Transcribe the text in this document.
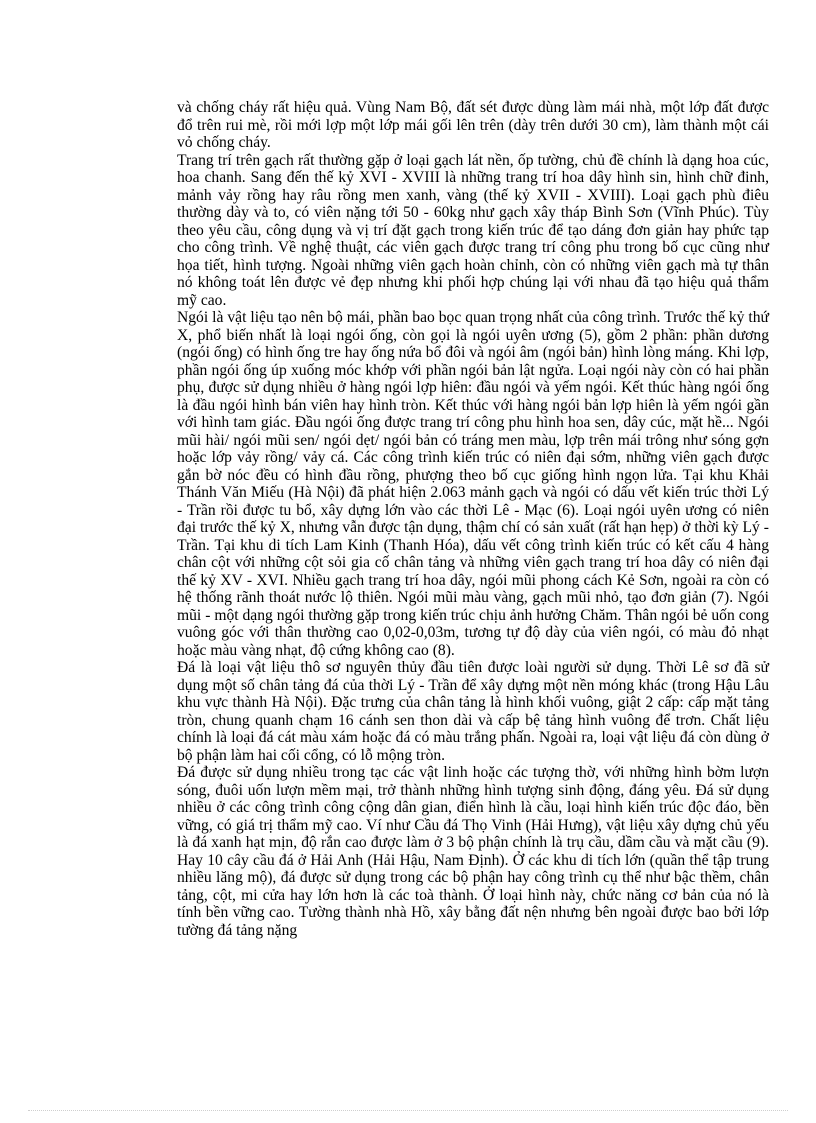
và chống cháy rất hiệu quả. Vùng Nam Bộ, đất sét được dùng làm mái nhà, một lớp đất được đổ trên rui mè, rồi mới lợp một lớp mái gối lên trên (dày trên dưới 30 cm), làm thành một cái vỏ chống cháy.

Trang trí trên gạch rất thường gặp ở loại gạch lát nền, ốp tường, chủ đề chính là dạng hoa cúc, hoa chanh. Sang đến thế kỷ XVI - XVIII là những trang trí hoa dây hình sin, hình chữ đinh, mảnh vảy rồng hay râu rồng men xanh, vàng (thế kỷ XVII - XVIII). Loại gạch phù điêu thường dày và to, có viên nặng tới 50 - 60kg như gạch xây tháp Bình Sơn (Vĩnh Phúc). Tùy theo yêu cầu, công dụng và vị trí đặt gạch trong kiến trúc để tạo dáng đơn giản hay phức tạp cho công trình. Về nghệ thuật, các viên gạch được trang trí công phu trong bố cục cũng như họa tiết, hình tượng. Ngoài những viên gạch hoàn chỉnh, còn có những viên gạch mà tự thân nó không toát lên được vẻ đẹp nhưng khi phối hợp chúng lại với nhau đã tạo hiệu quả thẩm mỹ cao.

Ngói là vật liệu tạo nên bộ mái, phần bao bọc quan trọng nhất của công trình. Trước thế kỷ thứ X, phổ biến nhất là loại ngói ống, còn gọi là ngói uyên ương (5), gồm 2 phần: phần dương (ngói ống) có hình ống tre hay ống nứa bổ đôi và ngói âm (ngói bản) hình lòng máng. Khi lợp, phần ngói ống úp xuống móc khớp với phần ngói bản lật ngửa. Loại ngói này còn có hai phần phụ, được sử dụng nhiều ở hàng ngói lợp hiên: đầu ngói và yếm ngói. Kết thúc hàng ngói ống là đầu ngói hình bán viên hay hình tròn. Kết thúc với hàng ngói bản lợp hiên là yếm ngói gần với hình tam giác. Đầu ngói ống được trang trí công phu hình hoa sen, dây cúc, mặt hề... Ngói mũi hài/ ngói mũi sen/ ngói dẹt/ ngói bản có tráng men màu, lợp trên mái trông như sóng gợn hoặc lớp vảy rồng/ vảy cá. Các công trình kiến trúc có niên đại sớm, những viên gạch được gắn bờ nóc đều có hình đầu rồng, phượng theo bố cục giống hình ngọn lửa. Tại khu Khải Thánh Văn Miếu (Hà Nội) đã phát hiện 2.063 mảnh gạch và ngói có dấu vết kiến trúc thời Lý - Trần rồi được tu bổ, xây dựng lớn vào các thời Lê - Mạc (6). Loại ngói uyên ương có niên đại trước thế kỷ X, nhưng vẫn được tận dụng, thậm chí có sản xuất (rất hạn hẹp) ở thời kỳ Lý - Trần. Tại khu di tích Lam Kinh (Thanh Hóa), dấu vết công trình kiến trúc có kết cấu 4 hàng chân cột với những cột sỏi gia cố chân tảng và những viên gạch trang trí hoa dây có niên đại thế kỷ XV - XVI. Nhiều gạch trang trí hoa dây, ngói mũi phong cách Kẻ Sơn, ngoài ra còn có hệ thống rãnh thoát nước lộ thiên. Ngói mũi màu vàng, gạch mũi nhỏ, tạo đơn giản (7). Ngói mũi - một dạng ngói thường gặp trong kiến trúc chịu ảnh hưởng Chăm. Thân ngói bẻ uốn cong vuông góc với thân thường cao 0,02-0,03m, tương tự độ dày của viên ngói, có màu đỏ nhạt hoặc màu vàng nhạt, độ cứng không cao (8).

Đá là loại vật liệu thô sơ nguyên thủy đầu tiên được loài người sử dụng. Thời Lê sơ đã sử dụng một số chân tảng đá của thời Lý - Trần để xây dựng một nền móng khác (trong Hậu Lâu khu vực thành Hà Nội). Đặc trưng của chân tảng là hình khối vuông, giật 2 cấp: cấp mặt tảng tròn, chung quanh chạm 16 cánh sen thon dài và cấp bệ tảng hình vuông để trơn. Chất liệu chính là loại đá cát màu xám hoặc đá có màu trắng phấn. Ngoài ra, loại vật liệu đá còn dùng ở bộ phận làm hai cối cổng, có lỗ mộng tròn.

Đá được sử dụng nhiều trong tạc các vật linh hoặc các tượng thờ, với những hình bờm lượn sóng, đuôi uốn lượn mềm mại, trở thành những hình tượng sinh động, đáng yêu. Đá sử dụng nhiều ở các công trình công cộng dân gian, điển hình là cầu, loại hình kiến trúc độc đáo, bền vững, có giá trị thẩm mỹ cao. Ví như Cầu đá Thọ Vinh (Hải Hưng), vật liệu xây dựng chủ yếu là đá xanh hạt mịn, độ rắn cao được làm ở 3 bộ phận chính là trụ cầu, dầm cầu và mặt cầu (9). Hay 10 cây cầu đá ở Hải Anh (Hải Hậu, Nam Định). Ở các khu di tích lớn (quần thể tập trung nhiều lăng mộ), đá được sử dụng trong các bộ phận hay công trình cụ thể như bậc thềm, chân tảng, cột, mi cửa hay lớn hơn là các toà thành. Ở loại hình này, chức năng cơ bản của nó là tính bền vững cao. Tường thành nhà Hồ, xây bằng đất nện nhưng bên ngoài được bao bởi lớp tường đá tảng nặng
